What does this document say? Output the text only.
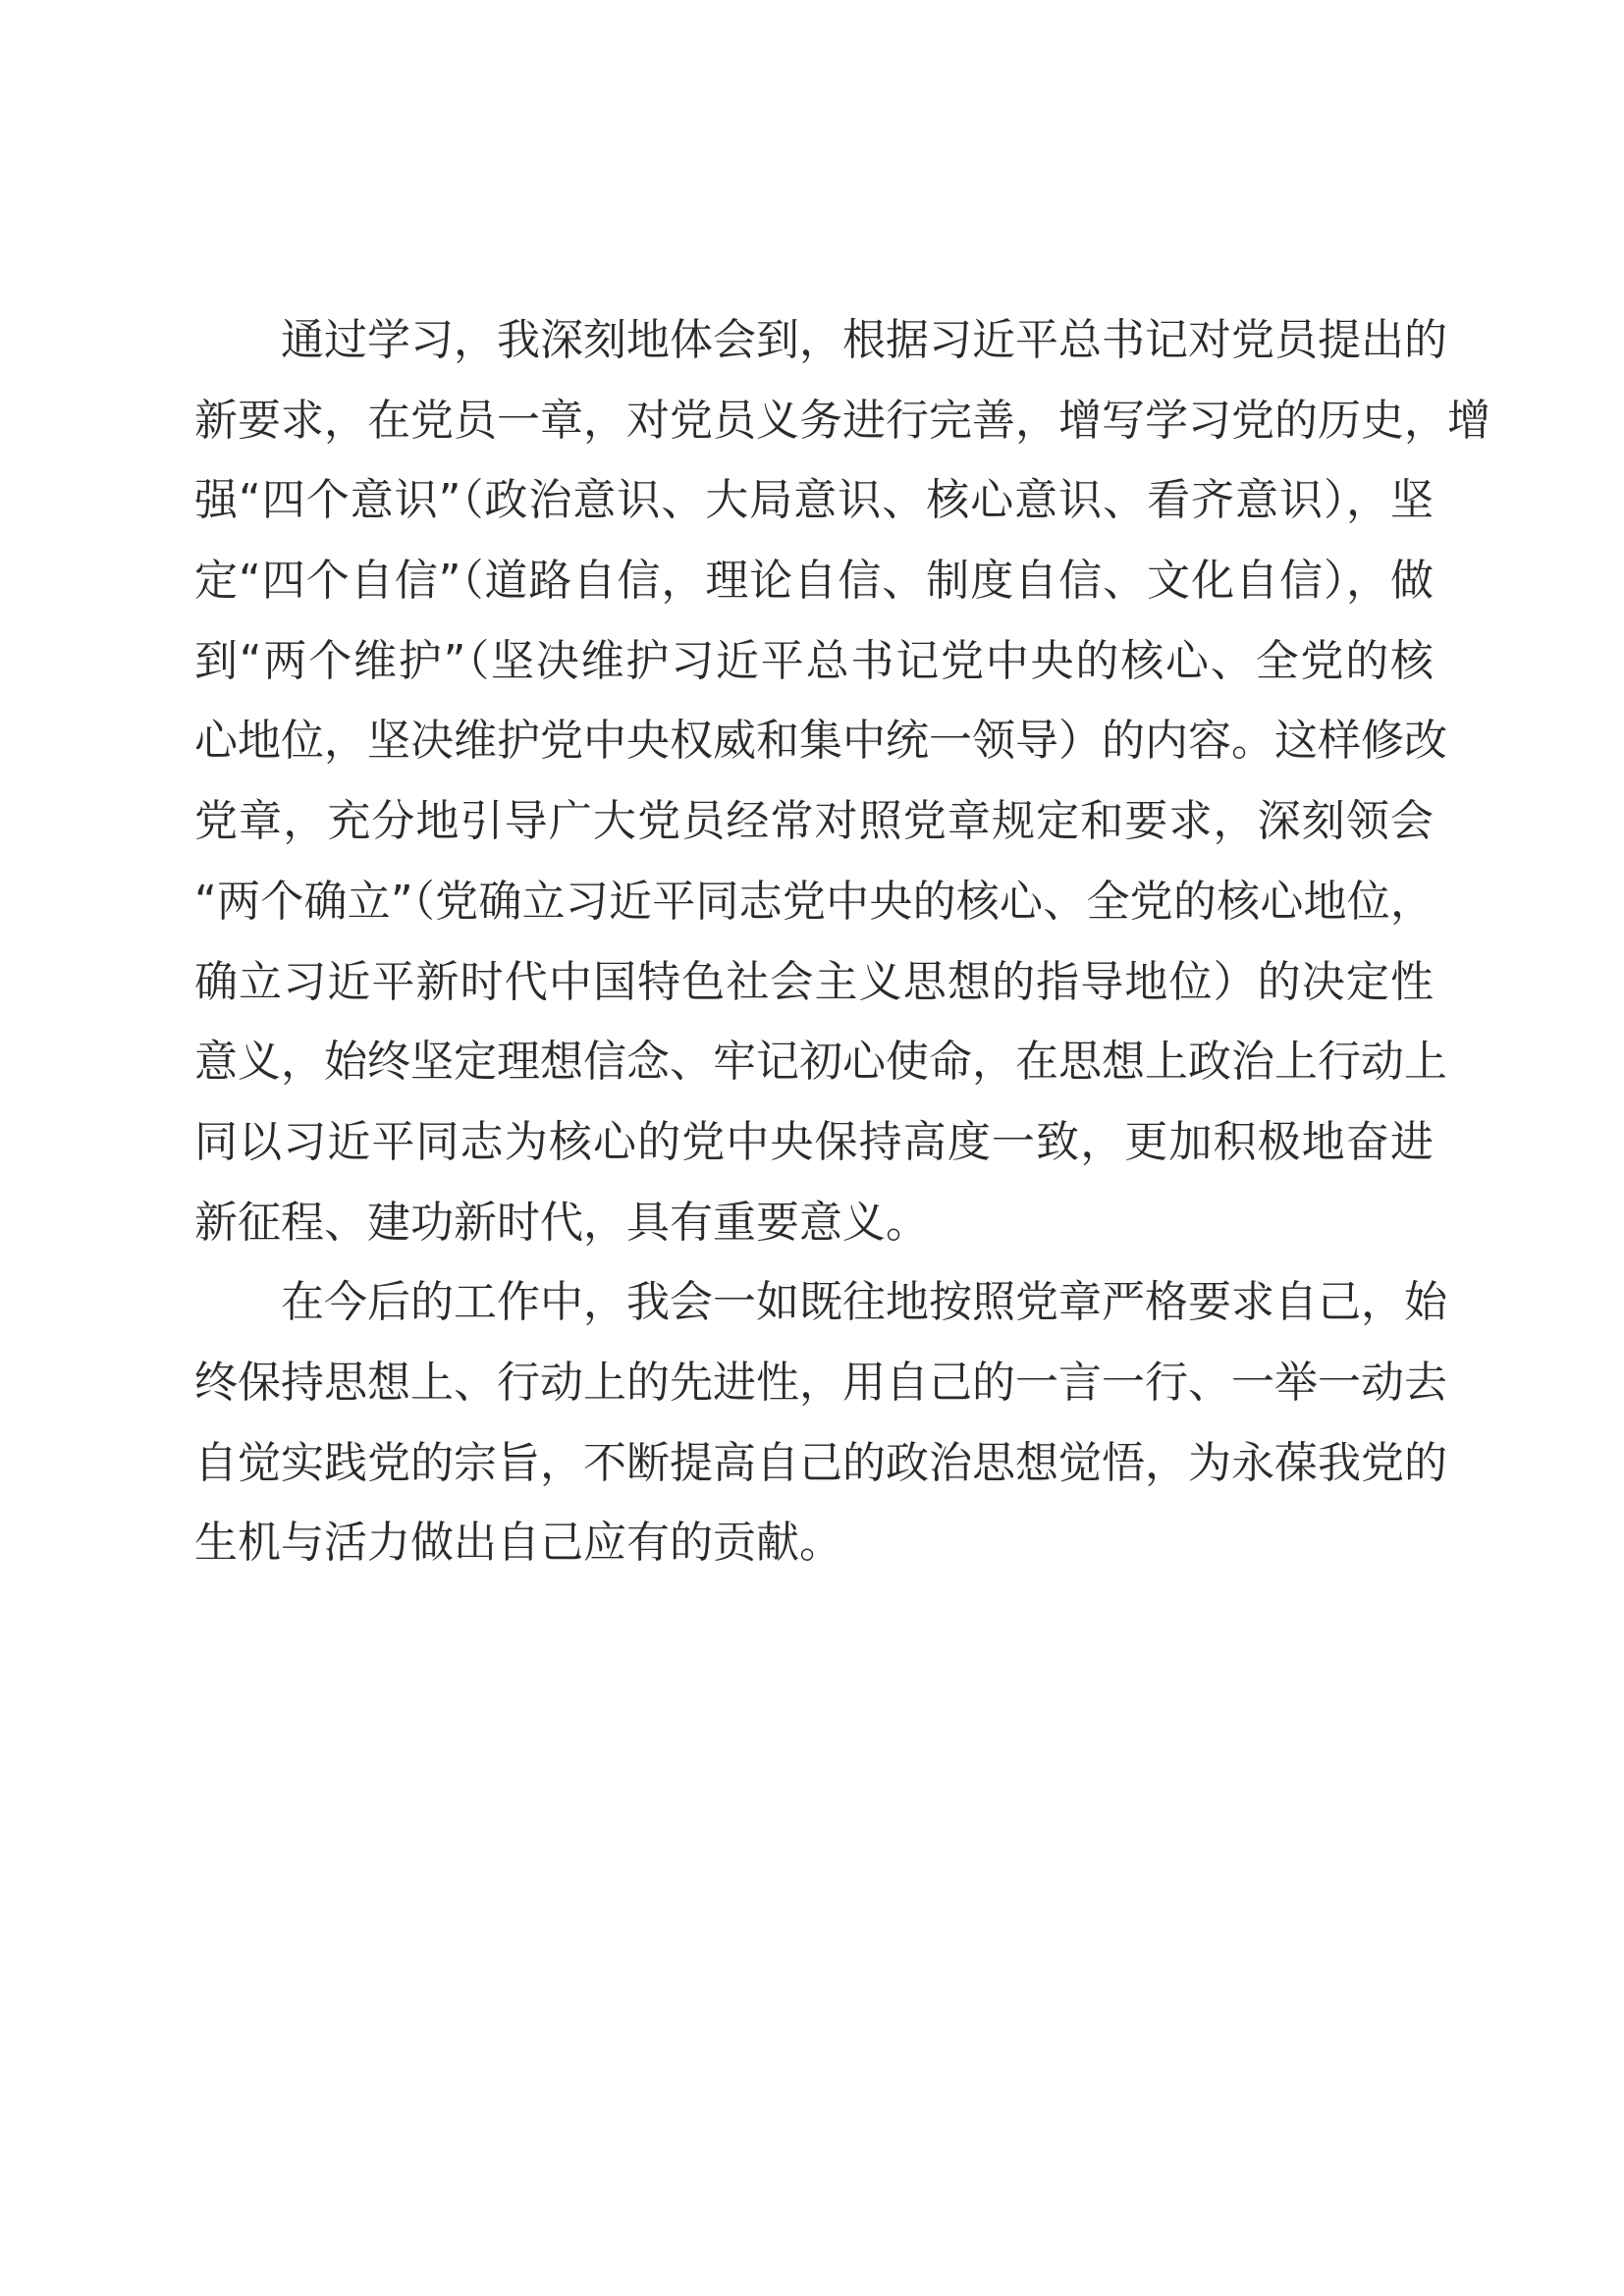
　　通过学习，我深刻地体会到，根据习近平总书记对党员提出的
新要求，在党员一章，对党员义务进行完善，增写学习党的历史，增
强“四个意识”（政治意识、大局意识、核心意识、看齐意识），坚
定“四个自信”（道路自信，理论自信、制度自信、文化自信），做
到“两个维护”（坚决维护习近平总书记党中央的核心、全党的核
心地位，坚决维护党中央权威和集中统一领导）的内容。这样修改
党章，充分地引导广大党员经常对照党章规定和要求，深刻领会
“两个确立”（党确立习近平同志党中央的核心、全党的核心地位，
确立习近平新时代中国特色社会主义思想的指导地位）的决定性
意义，始终坚定理想信念、牢记初心使命，在思想上政治上行动上
同以习近平同志为核心的党中央保持高度一致，更加积极地奋进
新征程、建功新时代，具有重要意义。
　　在今后的工作中，我会一如既往地按照党章严格要求自己，始
终保持思想上、行动上的先进性，用自己的一言一行、一举一动去
自觉实践党的宗旨，不断提高自己的政治思想觉悟，为永葆我党的
生机与活力做出自己应有的贡献。
